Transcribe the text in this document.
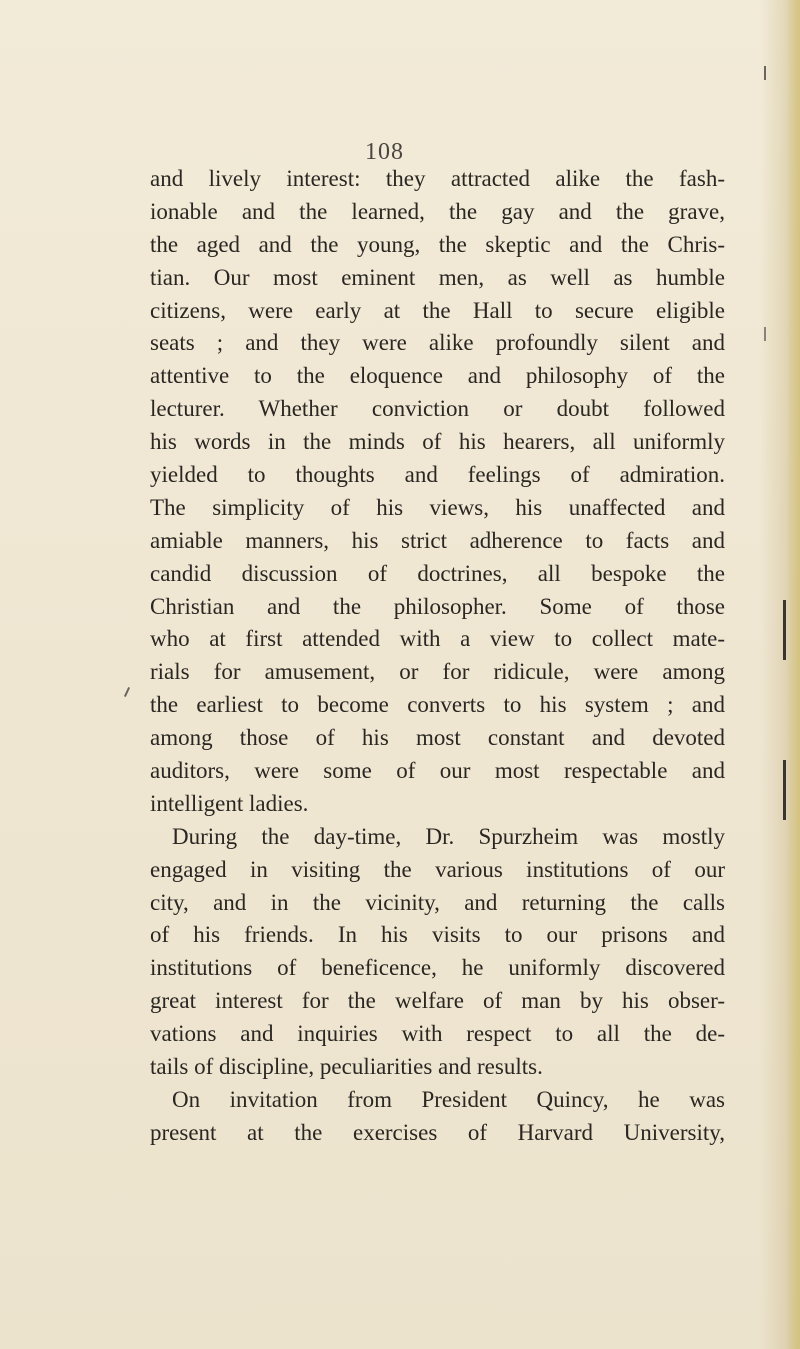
108
and lively interest: they attracted alike the fash-
ionable and the learned, the gay and the grave,
the aged and the young, the skeptic and the Chris-
tian. Our most eminent men, as well as humble
citizens, were early at the Hall to secure eligible
seats ; and they were alike profoundly silent and
attentive to the eloquence and philosophy of the
lecturer. Whether conviction or doubt followed
his words in the minds of his hearers, all uniformly
yielded to thoughts and feelings of admiration.
The simplicity of his views, his unaffected and
amiable manners, his strict adherence to facts and
candid discussion of doctrines, all bespoke the
Christian and the philosopher. Some of those
who at first attended with a view to collect mate-
rials for amusement, or for ridicule, were among
the earliest to become converts to his system ; and
among those of his most constant and devoted
auditors, were some of our most respectable and
intelligent ladies.
During the day-time, Dr. Spurzheim was mostly
engaged in visiting the various institutions of our
city, and in the vicinity, and returning the calls
of his friends. In his visits to our prisons and
institutions of beneficence, he uniformly discovered
great interest for the welfare of man by his obser-
vations and inquiries with respect to all the de-
tails of discipline, peculiarities and results.
On invitation from President Quincy, he was
present at the exercises of Harvard University,
